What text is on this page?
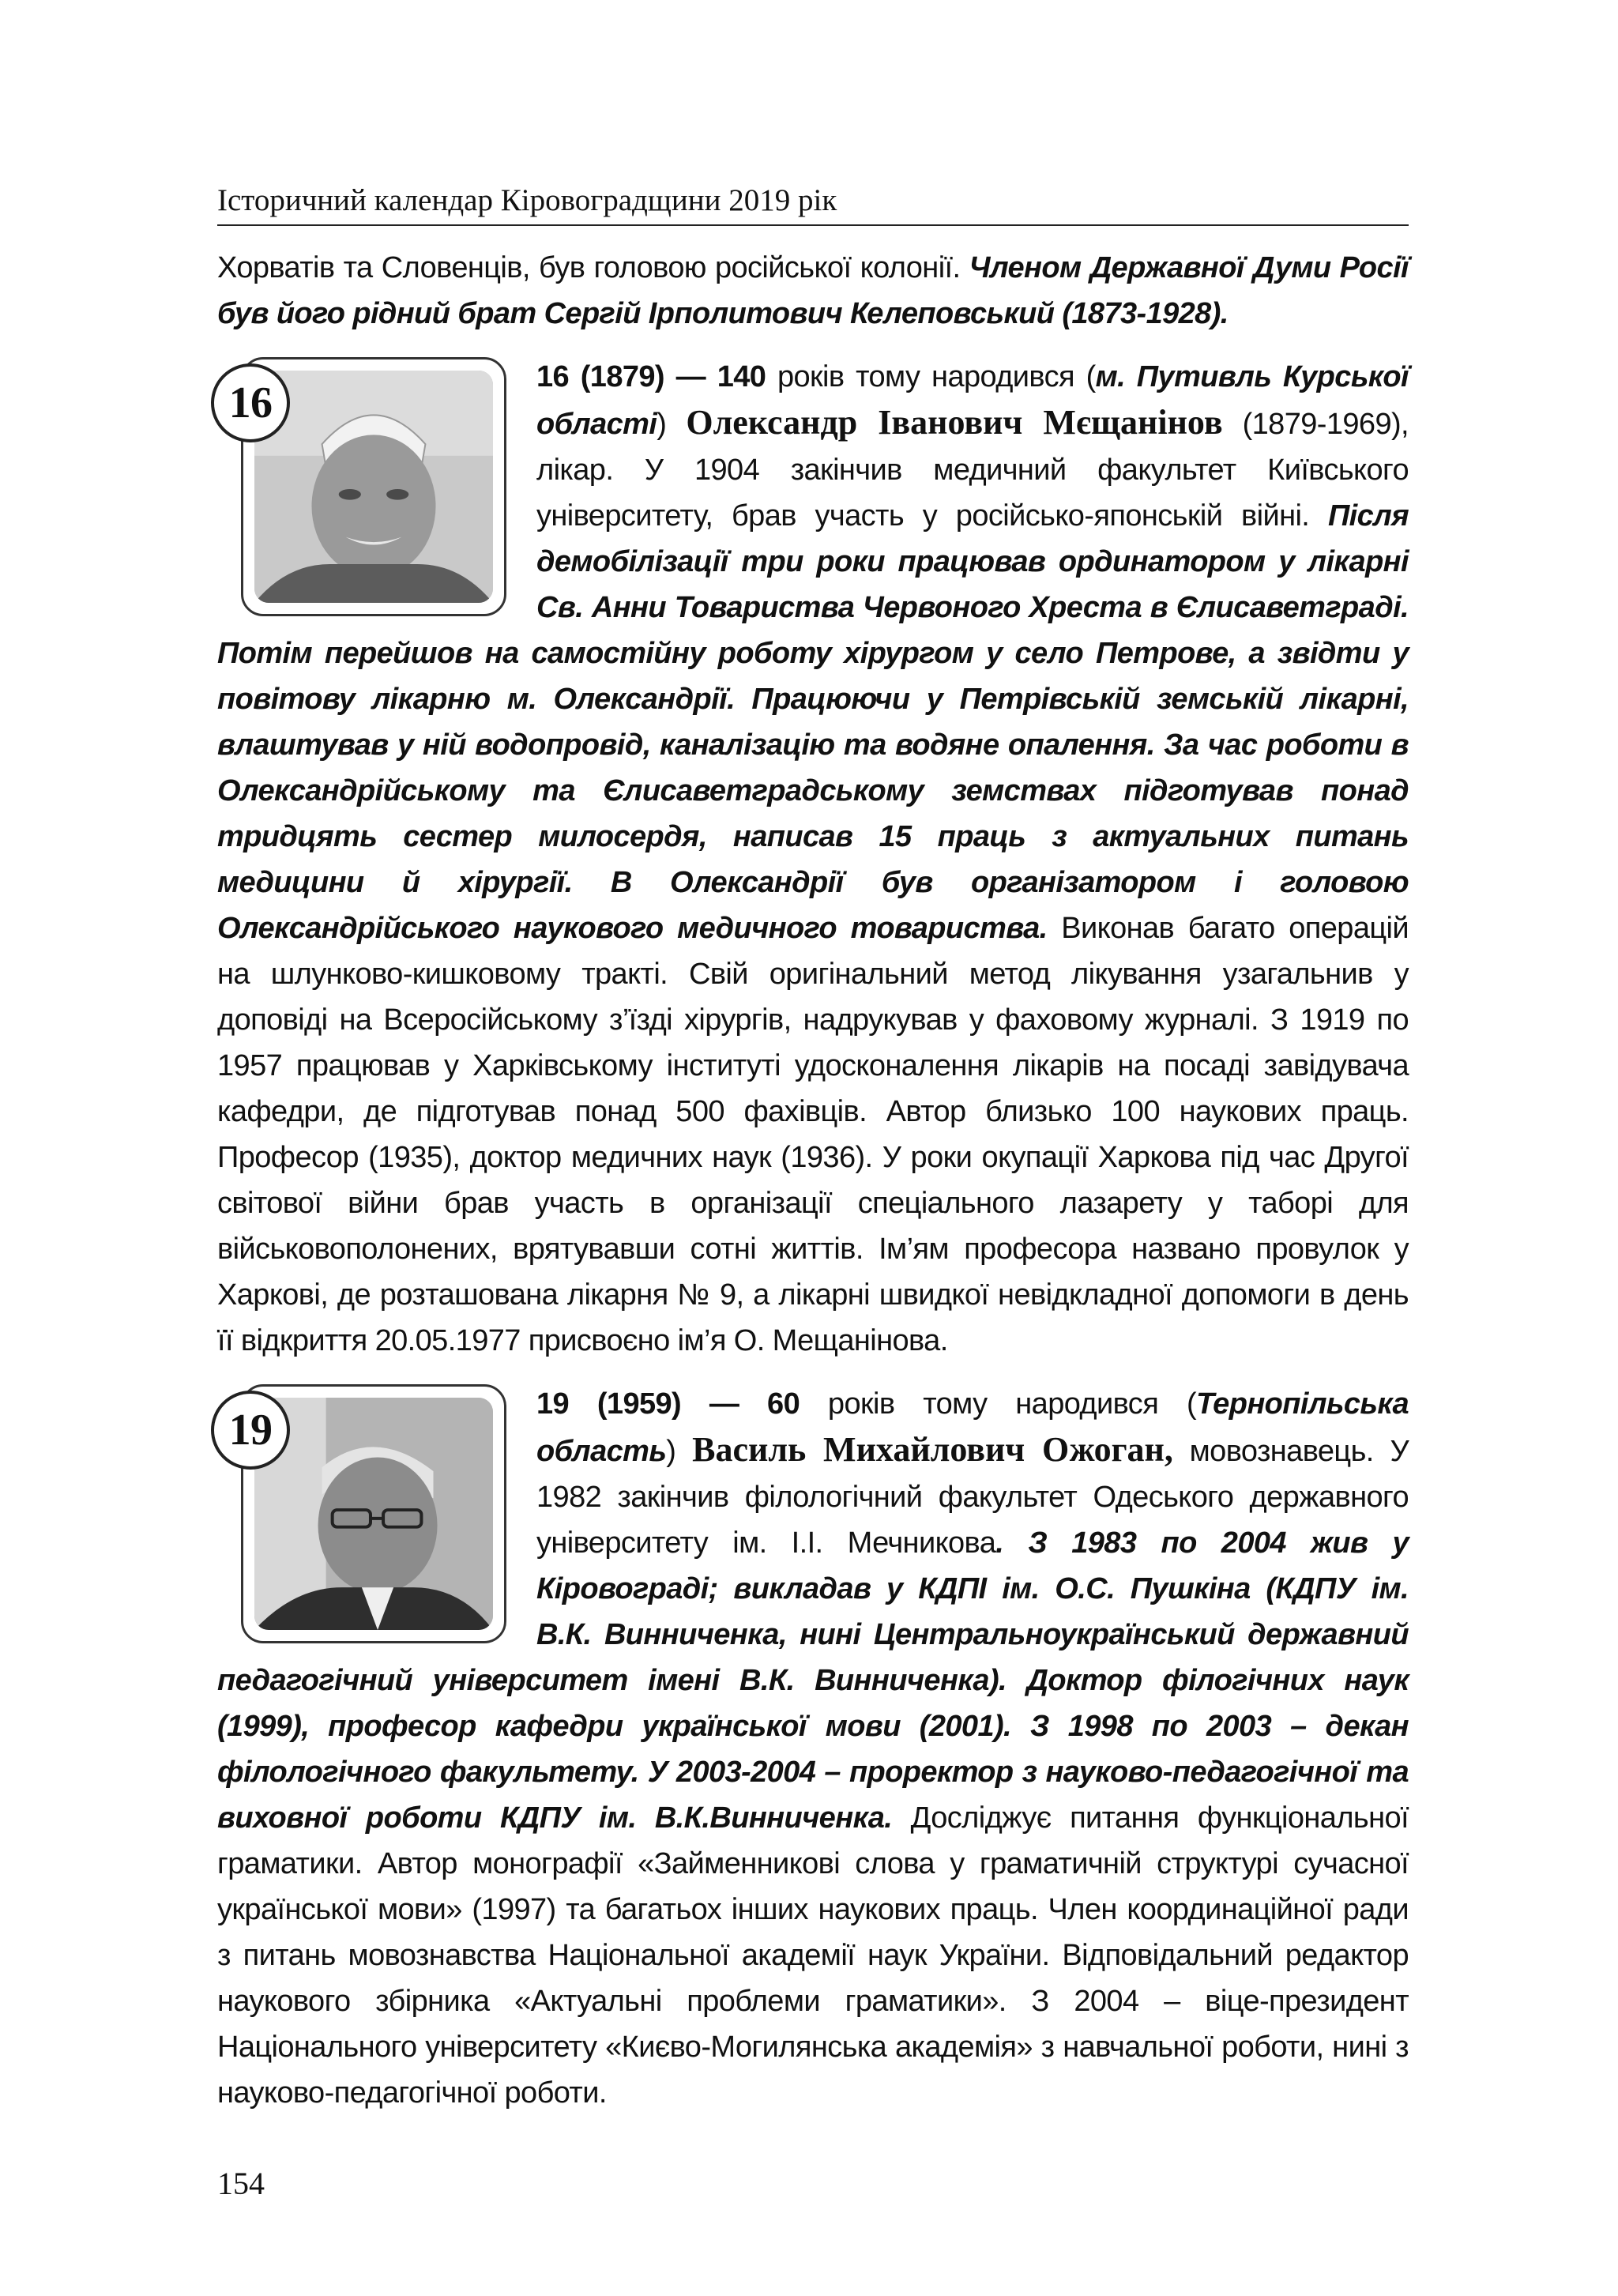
Історичний календар Кіровоградщини 2019 рік

Хорватів та Словенців, був головою російської колонії. Членом Державної Думи Росії був його рідний брат Сергій Ipполитович Келеповський (1873-1928).

16

16 (1879) — 140 років тому народився (м. Путивль Курської області) Олександр Іванович Мєщанінов (1879-1969), лікар. У 1904 закінчив медичний факультет Київського університету, брав участь у російсько-японській війні. Після демобілізації три роки працював ординатором у лікарні Св. Анни Товариства Червоного Хреста в Єлисаветграді. Потім перейшов на самостійну роботу хірургом у село Петрове, а звідти у повітову лікарню м. Олександрії. Працюючи у Петрівській земській лікарні, влаштував у ній водопровід, каналізацію та водяне опалення. За час роботи в Олександрійському та Єлисаветградському земствах підготував понад тридцять сестер милосердя, написав 15 праць з актуальних питань медицини й хірургії. В Олександрії був організатором і головою Олександрійського наукового медичного товариства. Виконав багато операцій на шлунково-кишковому тракті. Свій оригінальний метод лікування узагальнив у доповіді на Всеросійському з’їзді хірургів, надрукував у фаховому журналі. З 1919 по 1957 працював у Харківському інституті удосконалення лікарів на посаді завідувача кафедри, де підготував понад 500 фахівців. Автор близько 100 наукових праць. Професор (1935), доктор медичних наук (1936). У роки окупації Харкова під час Другої світової війни брав участь в організації спеціального лазарету у таборі для військовополонених, врятувавши сотні життів. Ім’ям професора названо провулок у Харкові, де розташована лікарня № 9, а лікарні швидкої невідкладної допомоги в день її відкриття 20.05.1977 присвоєно ім’я О. Мещанінова.

19

19 (1959) — 60 років тому народився (Тернопільська область) Василь Михайлович Ожоган, мовознавець. У 1982 закінчив філологічний факультет Одеського державного університету ім. І.І. Мечникова. З 1983 по 2004 жив у Кіровограді; викладав у КДПІ ім. О.С. Пушкіна (КДПУ ім. В.К. Винниченка, нині Центральноукраїнський державний педагогічний університет імені В.К. Винниченка). Доктор філогічних наук (1999), професор кафедри української мови (2001). З 1998 по 2003 – декан філологічного факультету. У 2003-2004 – проректор з науково-педагогічної та виховної роботи КДПУ ім. В.К.Винниченка. Досліджує питання функціональної граматики. Автор монографії «Займенникові слова у граматичній структурі сучасної української мови» (1997) та багатьох інших наукових праць. Член координаційної ради з питань мовознавства Національної академії наук України. Відповідальний редактор наукового збірника «Актуальні проблеми граматики». З 2004 – віце-президент Національного університету «Києво-Могилянська академія» з навчальної роботи, нині з науково-педагогічної роботи.

154
